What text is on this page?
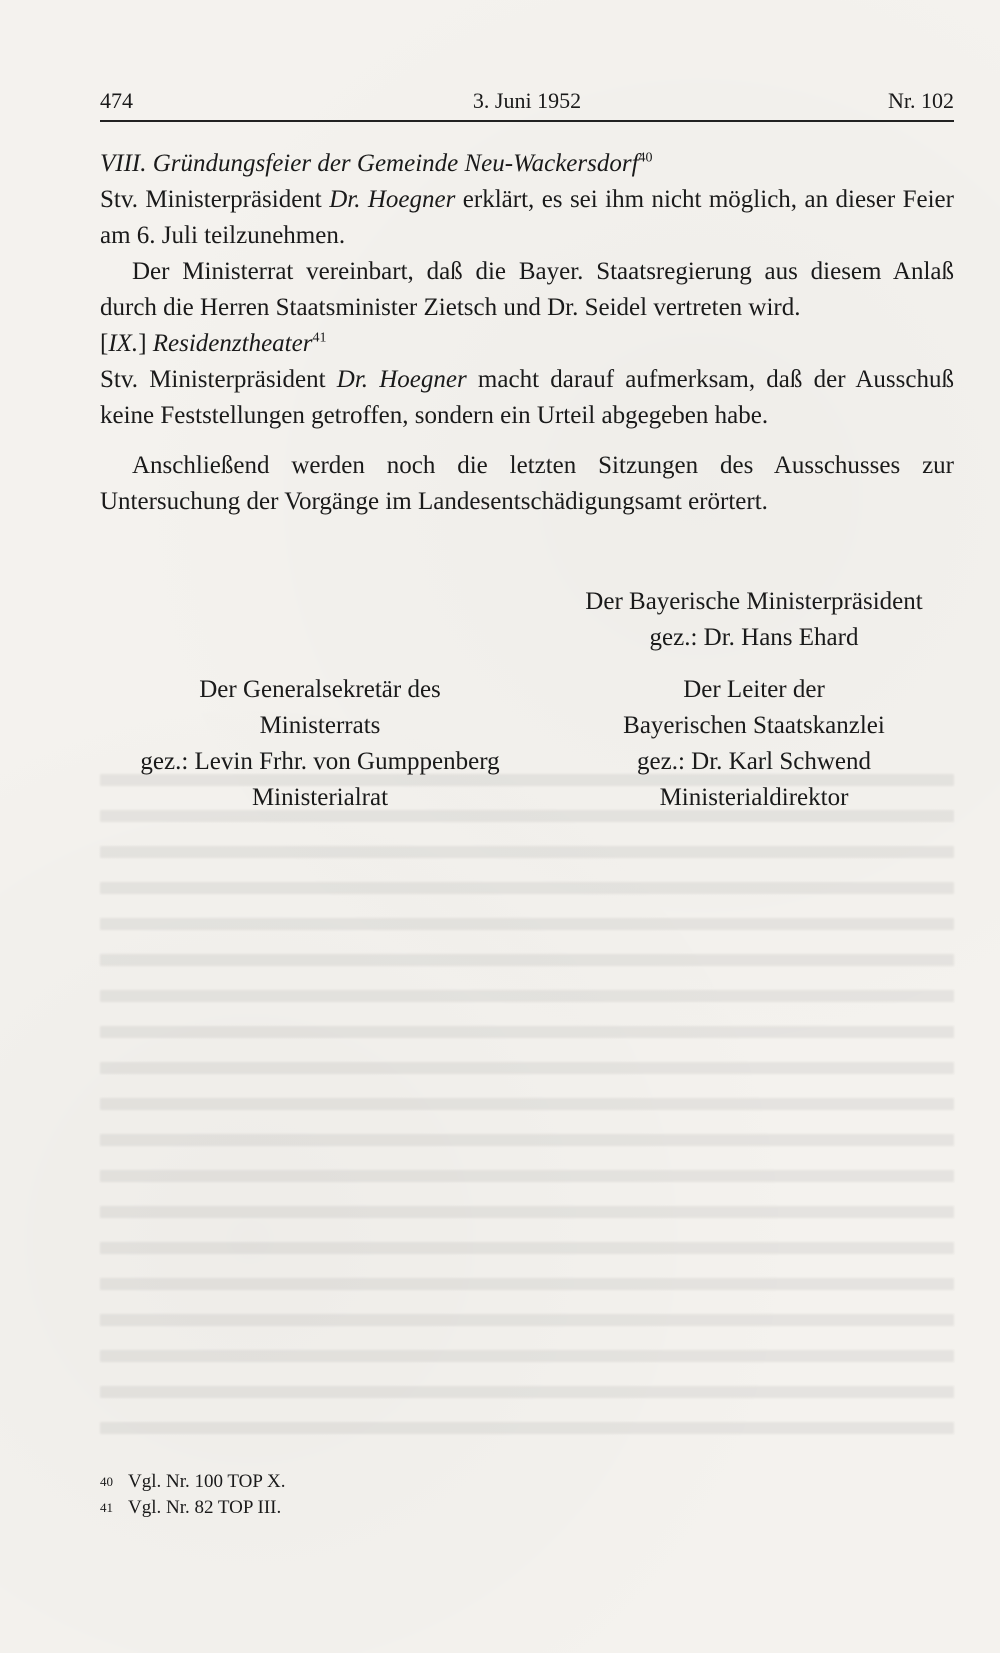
474	3. Juni 1952	Nr. 102

VIII. Gründungsfeier der Gemeinde Neu-Wackersdorf$^{40}$

Stv. Ministerpräsident Dr. Hoegner erklärt, es sei ihm nicht möglich, an dieser Feier am 6. Juli teilzunehmen.

Der Ministerrat vereinbart, daß die Bayer. Staatsregierung aus diesem Anlaß durch die Herren Staatsminister Zietsch und Dr. Seidel vertreten wird.

[IX.] Residenztheater$^{41}$

Stv. Ministerpräsident Dr. Hoegner macht darauf aufmerksam, daß der Ausschuß keine Feststellungen getroffen, sondern ein Urteil abgegeben habe.

Anschließend werden noch die letzten Sitzungen des Ausschusses zur Untersuchung der Vorgänge im Landesentschädigungsamt erörtert.

Der Bayerische Ministerpräsident
gez.: Dr. Hans Ehard
Der Generalsekretär des
Ministerrats
gez.: Levin Frhr. von Gumppenberg
Ministerialrat
Der Leiter der
Bayerischen Staatskanzlei
gez.: Dr. Karl Schwend
Ministerialdirektor
40 Vgl. Nr. 100 TOP X.
41 Vgl. Nr. 82 TOP III.
